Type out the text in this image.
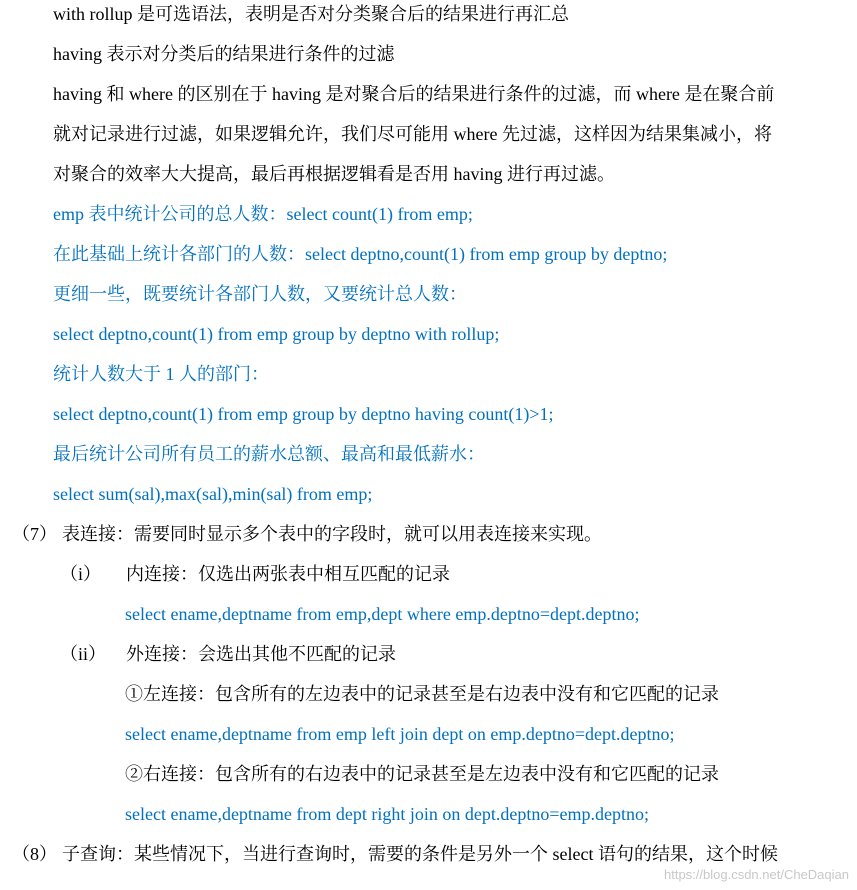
with rollup 是可选语法，表明是否对分类聚合后的结果进行再汇总
having 表示对分类后的结果进行条件的过滤
having 和 where 的区别在于 having 是对聚合后的结果进行条件的过滤，而 where 是在聚合前
就对记录进行过滤，如果逻辑允许，我们尽可能用 where 先过滤，这样因为结果集减小，将
对聚合的效率大大提高，最后再根据逻辑看是否用 having 进行再过滤。
emp 表中统计公司的总人数：select count(1) from emp;
在此基础上统计各部门的人数：select deptno,count(1) from emp group by deptno;
更细一些，既要统计各部门人数，又要统计总人数：
select deptno,count(1) from emp group by deptno with rollup;
统计人数大于 1 人的部门：
select deptno,count(1) from emp group by deptno having count(1)>1;
最后统计公司所有员工的薪水总额、最高和最低薪水：
select sum(sal),max(sal),min(sal) from emp;
（7） 表连接：需要同时显示多个表中的字段时，就可以用表连接来实现。
（i） 内连接：仅选出两张表中相互匹配的记录
select ename,deptname from emp,dept where emp.deptno=dept.deptno;
（ii） 外连接：会选出其他不匹配的记录
①左连接：包含所有的左边表中的记录甚至是右边表中没有和它匹配的记录
select ename,deptname from emp left join dept on emp.deptno=dept.deptno;
②右连接：包含所有的右边表中的记录甚至是左边表中没有和它匹配的记录
select ename,deptname from dept right join on dept.deptno=emp.deptno;
（8） 子查询：某些情况下，当进行查询时，需要的条件是另外一个 select 语句的结果，这个时候
https://blog.csdn.net/CheDaqian
